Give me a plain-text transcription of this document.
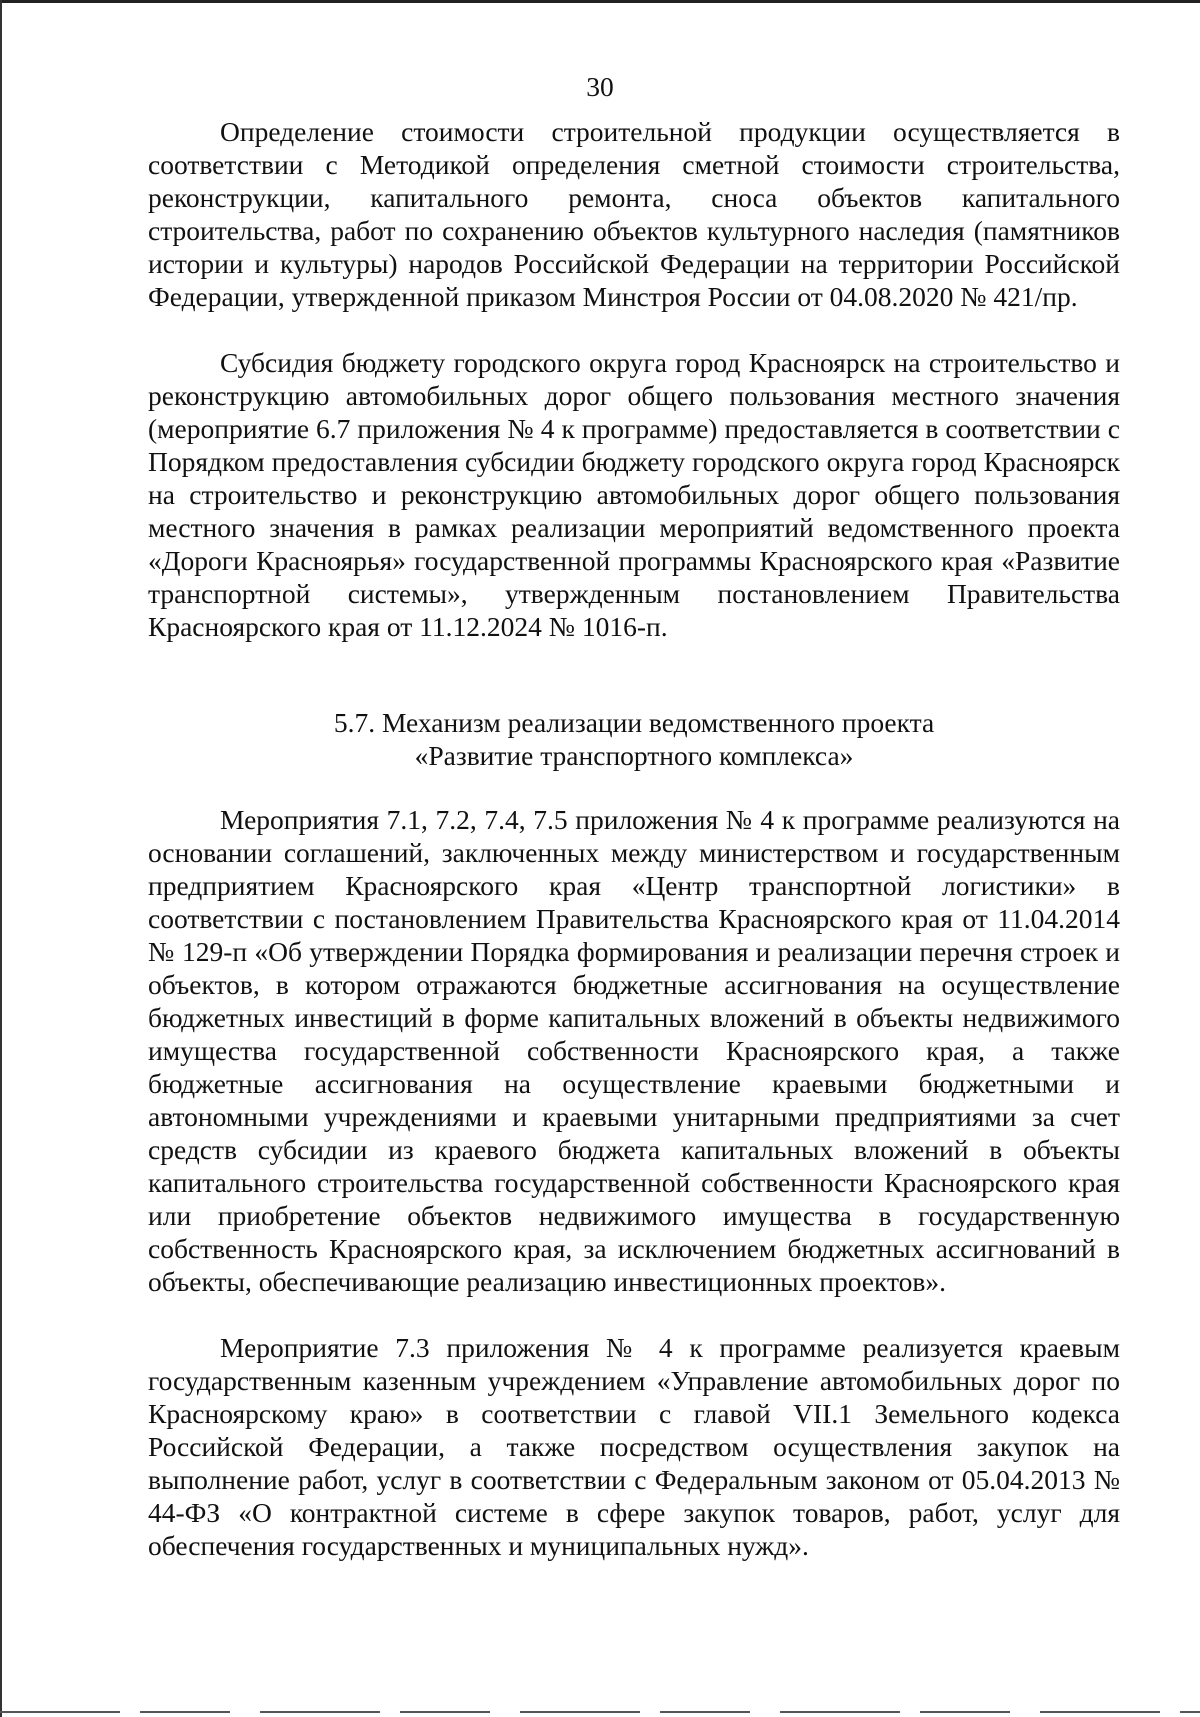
30

Определение стоимости строительной продукции осуществляется в соответствии с Методикой определения сметной стоимости строительства, реконструкции, капитального ремонта, сноса объектов капитального строительства, работ по сохранению объектов культурного наследия (памятников истории и культуры) народов Российской Федерации на территории Российской Федерации, утвержденной приказом Минстроя России от 04.08.2020 № 421/пр.

Субсидия бюджету городского округа город Красноярск на строительство и реконструкцию автомобильных дорог общего пользования местного значения (мероприятие 6.7 приложения № 4 к программе) предоставляется в соответствии с Порядком предоставления субсидии бюджету городского округа город Красноярск на строительство и реконструкцию автомобильных дорог общего пользования местного значения в рамках реализации мероприятий ведомственного проекта «Дороги Красноярья» государственной программы Красноярского края «Развитие транспортной системы», утвержденным постановлением Правительства Красноярского края от 11.12.2024 № 1016-п.

5.7. Механизм реализации ведомственного проекта
«Развитие транспортного комплекса»

Мероприятия 7.1, 7.2, 7.4, 7.5 приложения № 4 к программе реализуются на основании соглашений, заключенных между министерством и государственным предприятием Красноярского края «Центр транспортной логистики» в соответствии с постановлением Правительства Красноярского края от 11.04.2014 № 129-п «Об утверждении Порядка формирования и реализации перечня строек и объектов, в котором отражаются бюджетные ассигнования на осуществление бюджетных инвестиций в форме капитальных вложений в объекты недвижимого имущества государственной собственности Красноярского края, а также бюджетные ассигнования на осуществление краевыми бюджетными и автономными учреждениями и краевыми унитарными предприятиями за счет средств субсидии из краевого бюджета капитальных вложений в объекты капитального строительства государственной собственности Красноярского края или приобретение объектов недвижимого имущества в государственную собственность Красноярского края, за исключением бюджетных ассигнований в объекты, обеспечивающие реализацию инвестиционных проектов».

Мероприятие 7.3 приложения № 4 к программе реализуется краевым государственным казенным учреждением «Управление автомобильных дорог по Красноярскому краю» в соответствии с главой VII.1 Земельного кодекса Российской Федерации, а также посредством осуществления закупок на выполнение работ, услуг в соответствии с Федеральным законом от 05.04.2013 № 44-ФЗ «О контрактной системе в сфере закупок товаров, работ, услуг для обеспечения государственных и муниципальных нужд».
